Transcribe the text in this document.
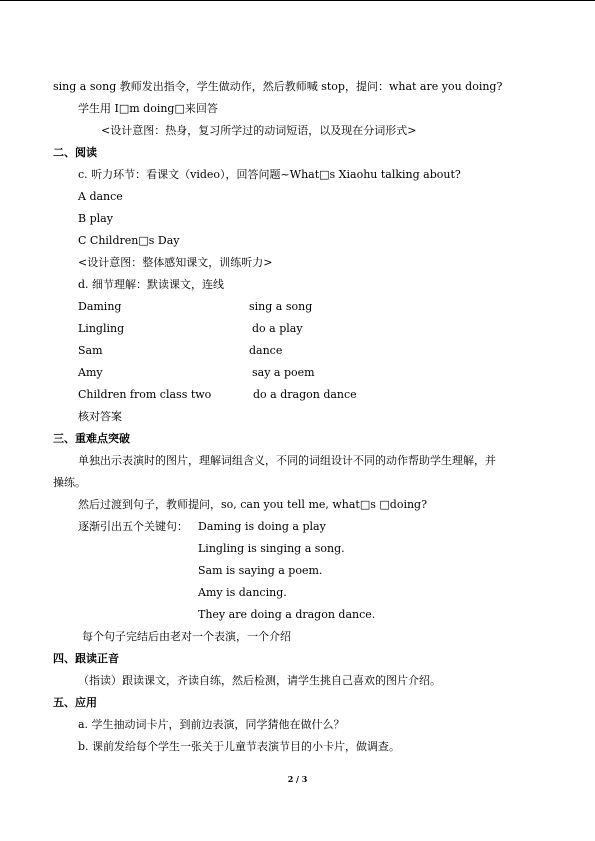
sing a song 教师发出指令，学生做动作，然后教师喊 stop，提问：what are you doing?
学生用 I□m doing□来回答
<设计意图：热身，复习所学过的动词短语，以及现在分词形式>
二、阅读
c. 听力环节：看课文（video），回答问题~What□s Xiaohu talking about?
A dance
B play
C Children□s Day
<设计意图：整体感知课文，训练听力>
d. 细节理解：默读课文，连线
Daming	sing a song
Lingling	do a play
Sam	dance
Amy	say a poem
Children from class two	do a dragon dance
核对答案
三、重难点突破
单独出示表演时的图片，理解词组含义，不同的词组设计不同的动作帮助学生理解，并
操练。
然后过渡到句子，教师提问，so, can you tell me, what□s □doing?
逐渐引出五个关键句： Daming is doing a play
Lingling is singing a song.
Sam is saying a poem.
Amy is dancing.
They are doing a dragon dance.
每个句子完结后由老对一个表演，一个介绍
四、跟读正音
（指读）跟读课文，齐读自练，然后检测，请学生挑自己喜欢的图片介绍。
五、应用
a. 学生抽动词卡片，到前边表演，同学猜他在做什么？
b. 课前发给每个学生一张关于儿童节表演节目的小卡片，做调查。
2 / 3
